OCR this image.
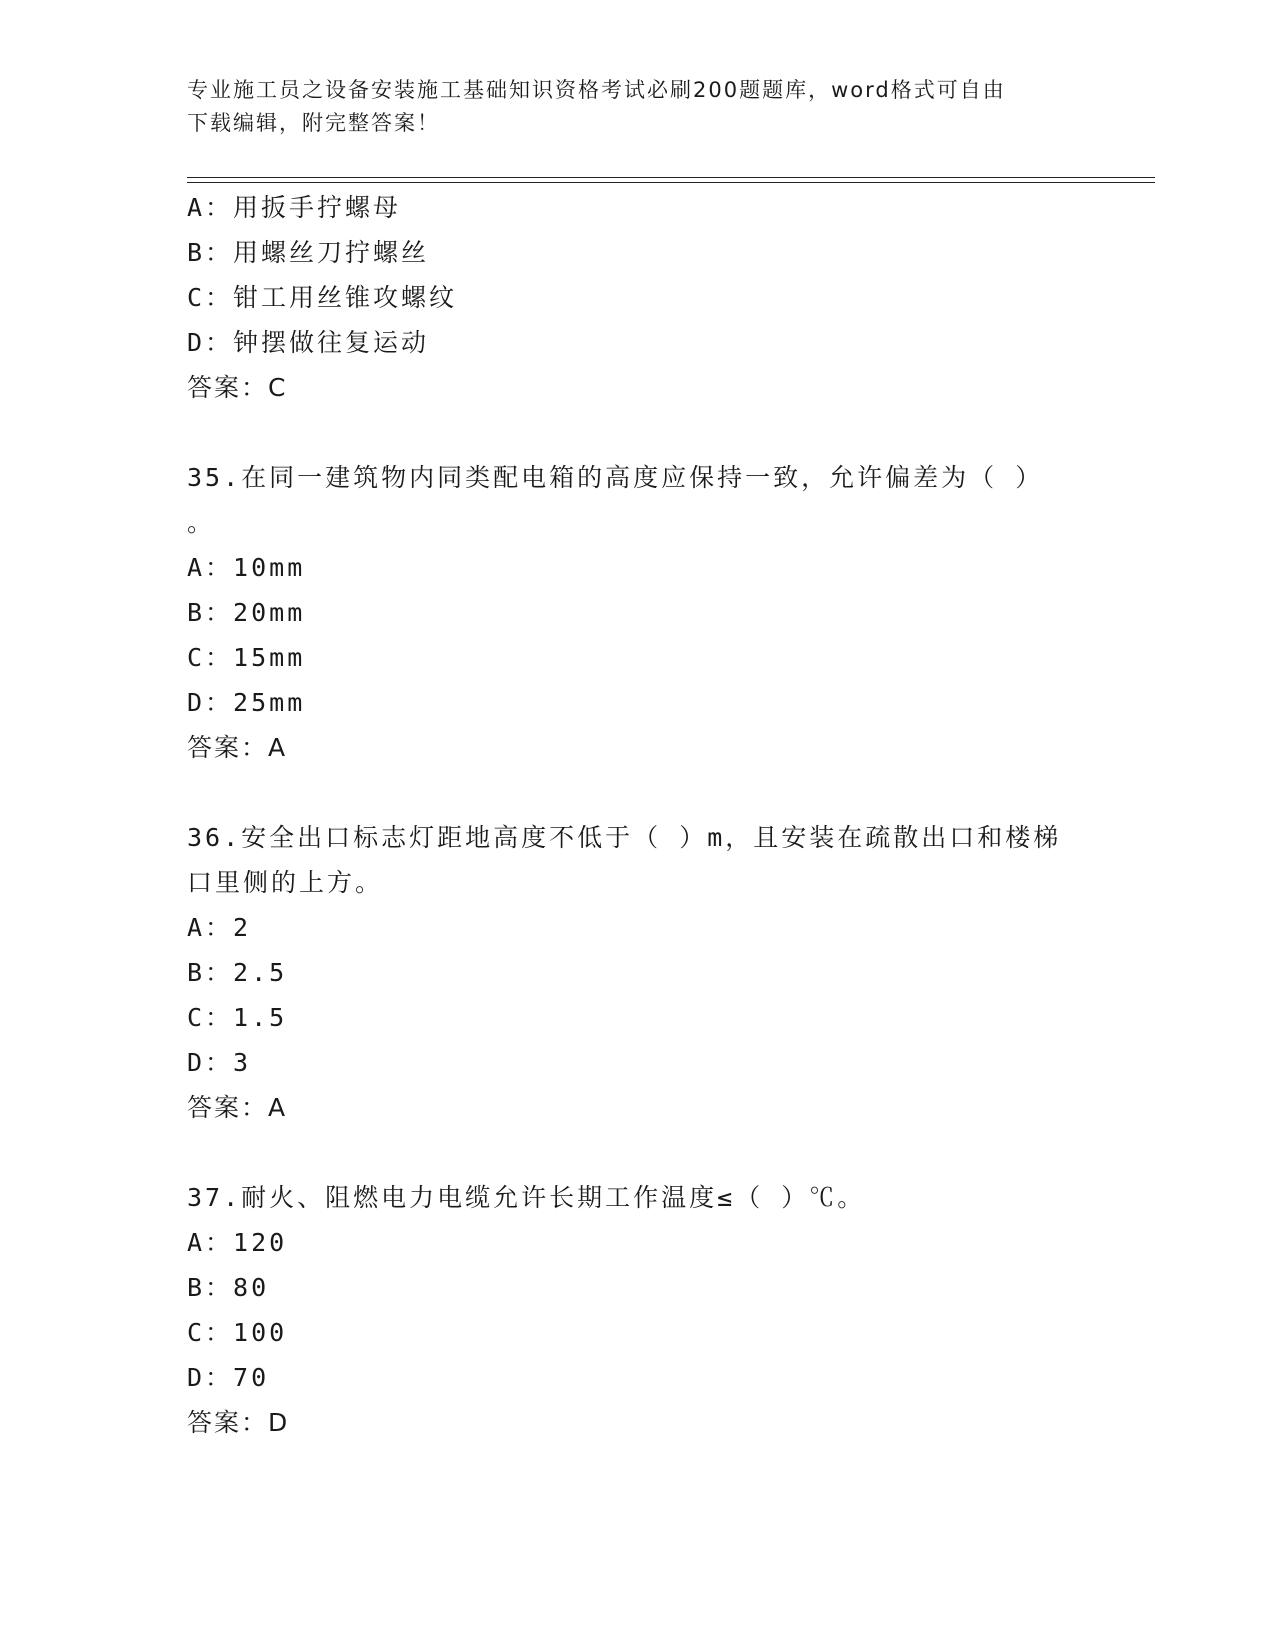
专业施工员之设备安装施工基础知识资格考试必刷200题题库，word格式可自由
下载编辑，附完整答案！
A：用扳手拧螺母
B：用螺丝刀拧螺丝
C：钳工用丝锥攻螺纹
D：钟摆做往复运动
答案：C
35.在同一建筑物内同类配电箱的高度应保持一致，允许偏差为（ ）
。
A：10mm
B：20mm
C：15mm
D：25mm
答案：A
36.安全出口标志灯距地高度不低于（ ）m，且安装在疏散出口和楼梯
口里侧的上方。
A：2
B：2.5
C：1.5
D：3
答案：A
37.耐火、阻燃电力电缆允许长期工作温度≤（ ）℃。
A：120
B：80
C：100
D：70
答案：D
